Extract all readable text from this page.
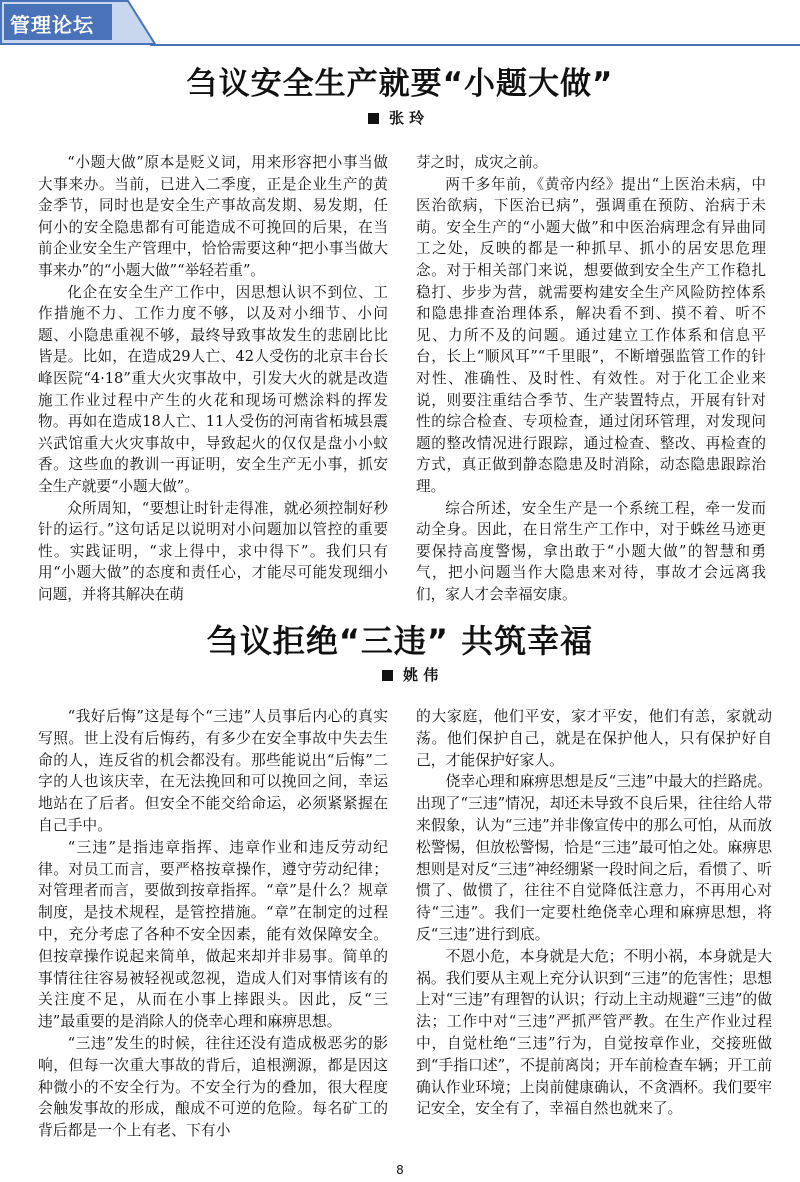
管理论坛
刍议安全生产就要“小题大做”
张 玲

“小题大做”原本是贬义词，用来形容把小事当做大事来办。当前，已进入二季度，正是企业生产的黄金季节，同时也是安全生产事故高发期、易发期，任何小的安全隐患都有可能造成不可挽回的后果，在当前企业安全生产管理中，恰恰需要这种“把小事当做大事来办”的“小题大做”“举轻若重”。

化企在安全生产工作中，因思想认识不到位、工作措施不力、工作力度不够，以及对小细节、小问题、小隐患重视不够，最终导致事故发生的悲剧比比皆是。比如，在造成29人亡、42人受伤的北京丰台长峰医院“4·18”重大火灾事故中，引发大火的就是改造施工作业过程中产生的火花和现场可燃涂料的挥发物。再如在造成18人亡、11人受伤的河南省柘城县震兴武馆重大火灾事故中，导致起火的仅仅是盘小小蚊香。这些血的教训一再证明，安全生产无小事，抓安全生产就要“小题大做”。

众所周知，“要想让时针走得准，就必须控制好秒针的运行。”这句话足以说明对小问题加以管控的重要性。实践证明，“求上得中，求中得下”。我们只有用“小题大做”的态度和责任心，才能尽可能发现细小问题，并将其解决在萌

芽之时，成灾之前。

两千多年前，《黄帝内经》提出“上医治未病，中医治欲病，下医治已病”，强调重在预防、治病于未萌。安全生产的“小题大做”和中医治病理念有异曲同工之处，反映的都是一种抓早、抓小的居安思危理念。对于相关部门来说，想要做到安全生产工作稳扎稳打、步步为营，就需要构建安全生产风险防控体系和隐患排查治理体系，解决看不到、摸不着、听不见、力所不及的问题。通过建立工作体系和信息平台，长上“顺风耳”“千里眼”，不断增强监管工作的针对性、准确性、及时性、有效性。对于化工企业来说，则要注重结合季节、生产装置特点，开展有针对性的综合检查、专项检查，通过闭环管理，对发现问题的整改情况进行跟踪，通过检查、整改、再检查的方式，真正做到静态隐患及时消除，动态隐患跟踪治理。

综合所述，安全生产是一个系统工程，牵一发而动全身。因此，在日常生产工作中，对于蛛丝马迹更要保持高度警惕，拿出敢于“小题大做”的智慧和勇气，把小问题当作大隐患来对待，事故才会远离我们，家人才会幸福安康。

刍议拒绝“三违” 共筑幸福
姚 伟

“我好后悔”这是每个“三违”人员事后内心的真实写照。世上没有后悔药，有多少在安全事故中失去生命的人，连反省的机会都没有。那些能说出“后悔”二字的人也该庆幸，在无法挽回和可以挽回之间，幸运地站在了后者。但安全不能交给命运，必须紧紧握在自己手中。

“三违”是指违章指挥、违章作业和违反劳动纪律。对员工而言，要严格按章操作，遵守劳动纪律；对管理者而言，要做到按章指挥。“章”是什么？规章制度，是技术规程，是管控措施。“章”在制定的过程中，充分考虑了各种不安全因素，能有效保障安全。但按章操作说起来简单，做起来却并非易事。简单的事情往往容易被轻视或忽视，造成人们对事情该有的关注度不足，从而在小事上摔跟头。因此，反“三违”最重要的是消除人的侥幸心理和麻痹思想。

“三违”发生的时候，往往还没有造成极恶劣的影响，但每一次重大事故的背后，追根溯源，都是因这种微小的不安全行为。不安全行为的叠加，很大程度会触发事故的形成，酿成不可逆的危险。每名矿工的背后都是一个上有老、下有小

的大家庭，他们平安，家才平安，他们有恙，家就动荡。他们保护自己，就是在保护他人，只有保护好自己，才能保护好家人。

侥幸心理和麻痹思想是反“三违”中最大的拦路虎。出现了“三违”情况，却还未导致不良后果，往往给人带来假象，认为“三违”并非像宣传中的那么可怕，从而放松警惕，但放松警惕，恰是“三违”最可怕之处。麻痹思想则是对反“三违”神经绷紧一段时间之后，看惯了、听惯了、做惯了，往往不自觉降低注意力，不再用心对待“三违”。我们一定要杜绝侥幸心理和麻痹思想，将反“三违”进行到底。

不恩小危，本身就是大危；不明小祸，本身就是大祸。我们要从主观上充分认识到“三违”的危害性；思想上对“三违”有理智的认识；行动上主动规避“三违”的做法；工作中对“三违”严抓严管严教。在生产作业过程中，自觉杜绝“三违”行为，自觉按章作业，交接班做到“手指口述”，不提前离岗；开车前检查车辆；开工前确认作业环境；上岗前健康确认，不贪酒杯。我们要牢记安全，安全有了，幸福自然也就来了。

8
